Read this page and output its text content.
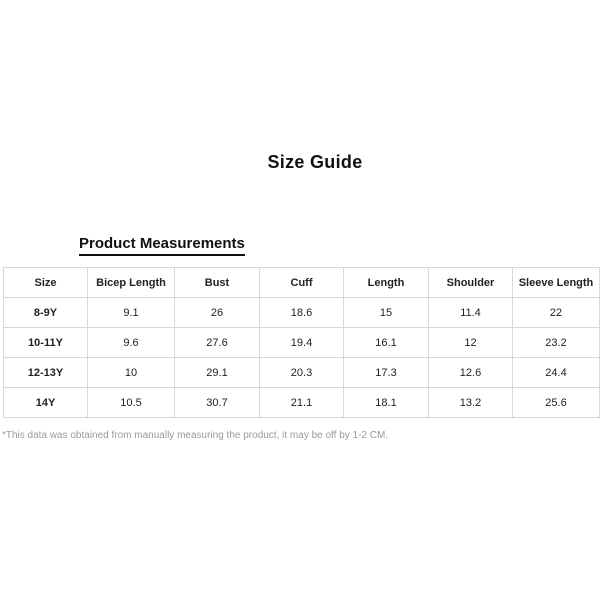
Size Guide
Product Measurements
Size	Bicep Length	Bust	Cuff	Length	Shoulder	Sleeve Length
8-9Y	9.1	26	18.6	15	11.4	22
10-11Y	9.6	27.6	19.4	16.1	12	23.2
12-13Y	10	29.1	20.3	17.3	12.6	24.4
14Y	10.5	30.7	21.1	18.1	13.2	25.6
*This data was obtained from manually measuring the product, it may be off by 1-2 CM.
